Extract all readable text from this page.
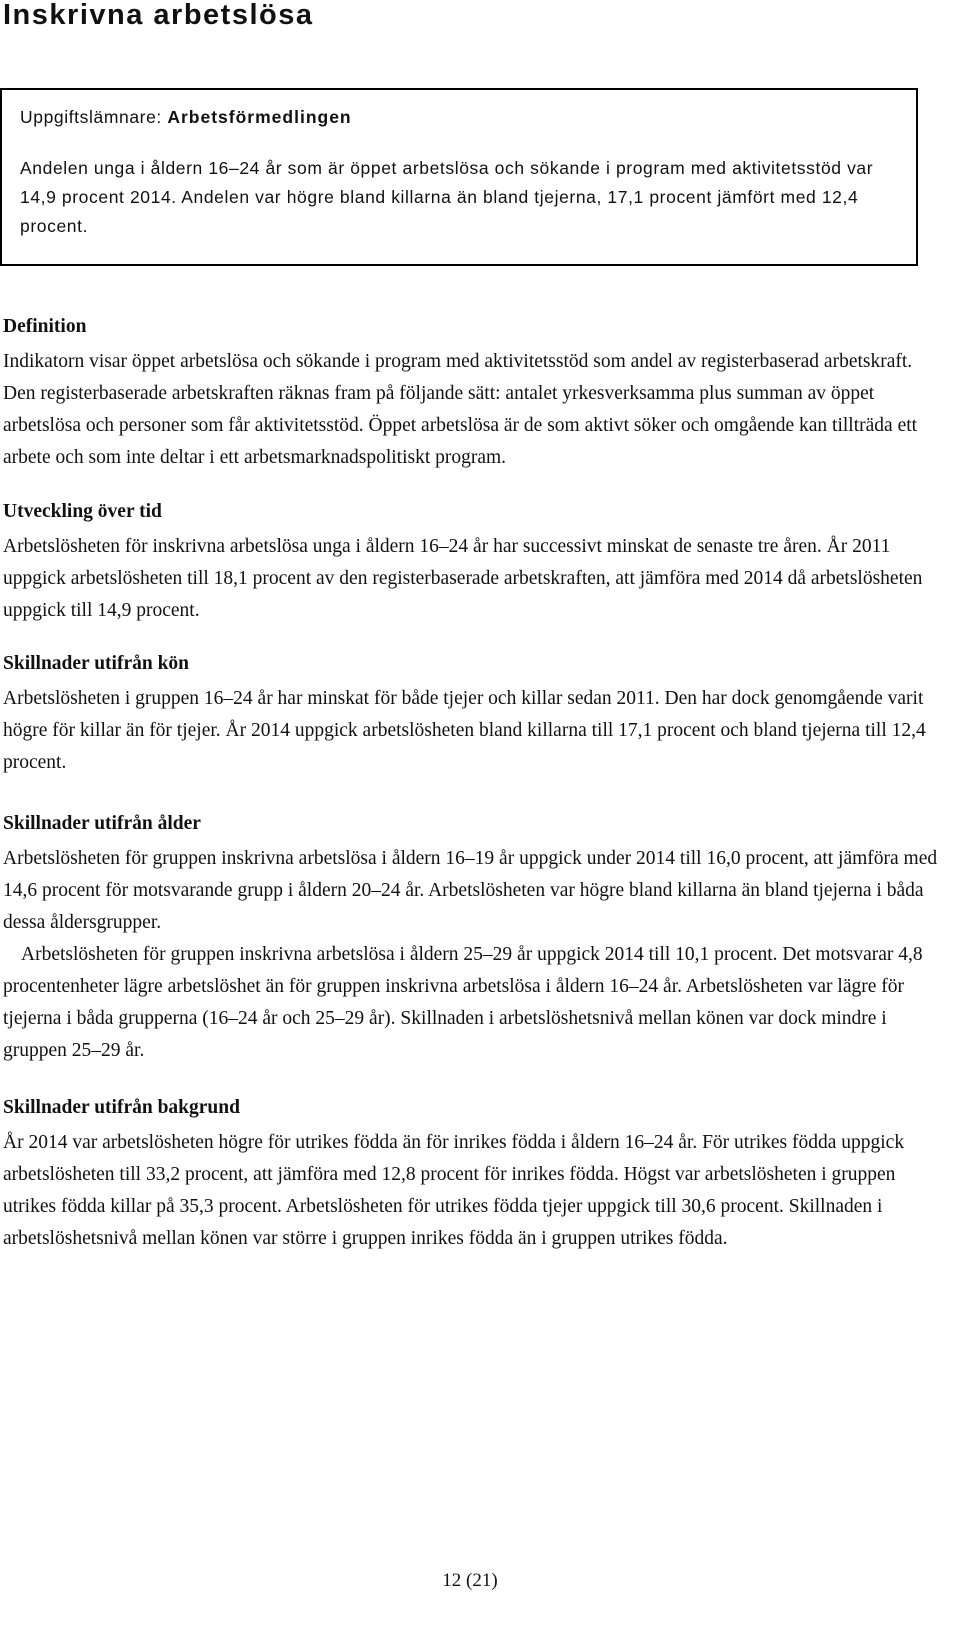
Inskrivna arbetslösa

Uppgiftslämnare: Arbetsförmedlingen

Andelen unga i åldern 16–24 år som är öppet arbetslösa och sökande i program med aktivitetsstöd var 14,9 procent 2014. Andelen var högre bland killarna än bland tjejerna, 17,1 procent jämfört med 12,4 procent.

Definition

Indikatorn visar öppet arbetslösa och sökande i program med aktivitetsstöd som andel av registerbaserad arbetskraft. Den registerbaserade arbetskraften räknas fram på följande sätt: antalet yrkesverksamma plus summan av öppet arbetslösa och personer som får aktivitetsstöd. Öppet arbetslösa är de som aktivt söker och omgående kan tillträda ett arbete och som inte deltar i ett arbetsmarknadspolitiskt program.

Utveckling över tid

Arbetslösheten för inskrivna arbetslösa unga i åldern 16–24 år har successivt minskat de senaste tre åren. År 2011 uppgick arbetslösheten till 18,1 procent av den registerbaserade arbetskraften, att jämföra med 2014 då arbetslösheten uppgick till 14,9 procent.

Skillnader utifrån kön

Arbetslösheten i gruppen 16–24 år har minskat för både tjejer och killar sedan 2011. Den har dock genomgående varit högre för killar än för tjejer. År 2014 uppgick arbetslösheten bland killarna till 17,1 procent och bland tjejerna till 12,4 procent.

Skillnader utifrån ålder

Arbetslösheten för gruppen inskrivna arbetslösa i åldern 16–19 år uppgick under 2014 till 16,0 procent, att jämföra med 14,6 procent för motsvarande grupp i åldern 20–24 år. Arbetslösheten var högre bland killarna än bland tjejerna i båda dessa åldersgrupper.

Arbetslösheten för gruppen inskrivna arbetslösa i åldern 25–29 år uppgick 2014 till 10,1 procent. Det motsvarar 4,8 procentenheter lägre arbetslöshet än för gruppen inskrivna arbetslösa i åldern 16–24 år. Arbetslösheten var lägre för tjejerna i båda grupperna (16–24 år och 25–29 år). Skillnaden i arbetslöshetsnivå mellan könen var dock mindre i gruppen 25–29 år.

Skillnader utifrån bakgrund

År 2014 var arbetslösheten högre för utrikes födda än för inrikes födda i åldern 16–24 år. För utrikes födda uppgick arbetslösheten till 33,2 procent, att jämföra med 12,8 procent för inrikes födda. Högst var arbetslösheten i gruppen utrikes födda killar på 35,3 procent. Arbetslösheten för utrikes födda tjejer uppgick till 30,6 procent. Skillnaden i arbetslöshetsnivå mellan könen var större i gruppen inrikes födda än i gruppen utrikes födda.

12 (21)
